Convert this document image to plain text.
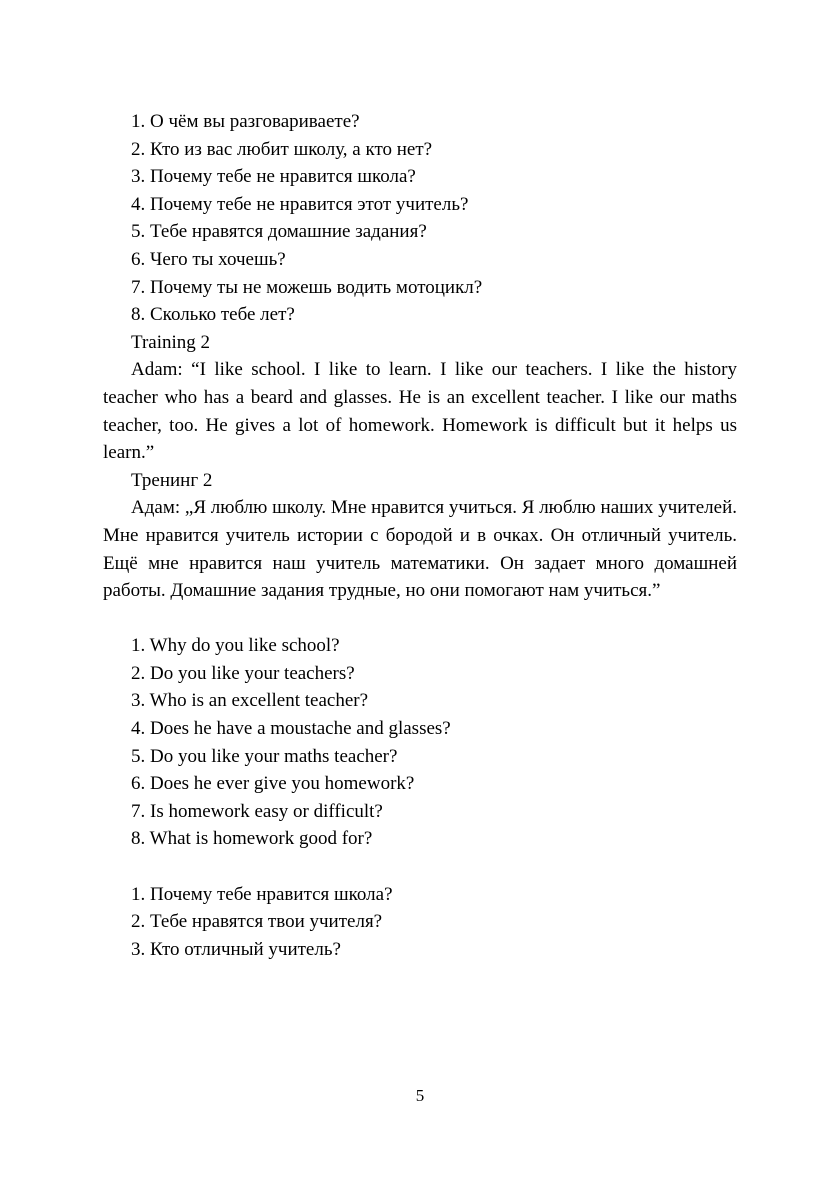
1. О чём вы разговариваете?
2. Кто из вас любит школу, а кто нет?
3. Почему тебе не нравится школа?
4. Почему тебе не нравится этот учитель?
5. Тебе нравятся домашние задания?
6. Чего ты хочешь?
7. Почему ты не можешь водить мотоцикл?
8. Сколько тебе лет?
Training 2

Adam: “I like school. I like to learn. I like our teachers. I like the history teacher who has a beard and glasses. He is an excellent teacher. I like our maths teacher, too. He gives a lot of homework. Homework is difficult but it helps us learn.”

Тренинг 2

Адам: „Я люблю школу. Мне нравится учиться. Я люблю наших учителей. Мне нравится учитель истории с бородой и в очках. Он отличный учитель. Ещё мне нравится наш учитель математики. Он задает много домашней работы. Домашние задания трудные, но они помогают нам учиться.”

1. Why do you like school?
2. Do you like your teachers?
3. Who is an excellent teacher?
4. Does he have a moustache and glasses?
5. Do you like your maths teacher?
6. Does he ever give you homework?
7. Is homework easy or difficult?
8. What is homework good for?
1. Почему тебе нравится школа?
2. Тебе нравятся твои учителя?
3. Кто отличный учитель?
5
